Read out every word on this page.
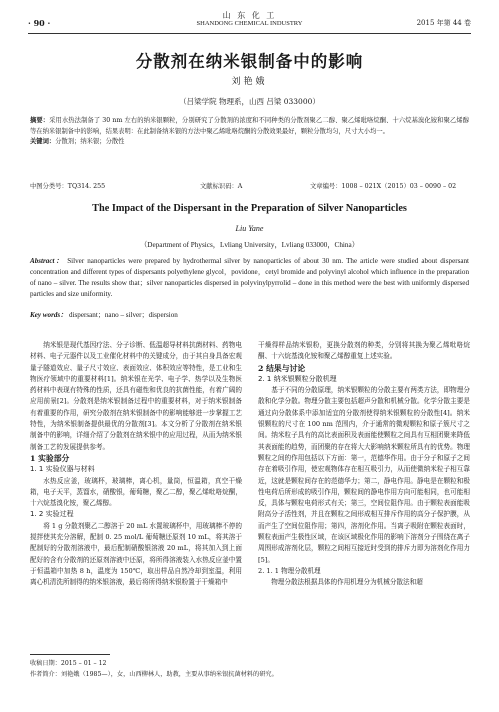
· 90 ·
山 东 化 工
SHANDONG CHEMICAL INDUSTRY	2015 年第 44 卷
分散剂在纳米银制备中的影响
刘艳娥
（吕梁学院 物理系，山西 吕梁 033000）
摘要：采用水热法制备了 30 nm 左右的纳米银颗粒，分别研究了分散剂的浓度和不同种类的分散剂聚乙二醇、聚乙烯吡咯烷酮、十六烷基溴化铵和聚乙烯醇等在纳米银制备中的影响，结果表明：在此制备纳米银的方法中聚乙烯吡咯烷酮的分散效果最好，颗粒分散均匀，尺寸大小均一。
关键词：分散剂；纳米银；分散性
中图分类号：TQ314. 255	文献标识码：A	文章编号：1008 – 021X（2015）03 – 0090 – 02
The Impact of the Dispersant in the Preparation of Silver Nanoparticles
Liu Yane
（Department of Physics，Lvliang University，Lvliang 033000，China）
Abstract： Silver nanoparticles were prepared by hydrothermal silver by nanoparticles of about 30 nm. The article were studied about dispersant concentration and different types of dispersants polyethylene glycol，povidone，cetyl bromide and polyvinyl alcohol which influence in the preparation of nano – silver. The results show that；silver nanoparticles dispersed in polyvinylpyrrolid – done in this method were the best with uniformly dispersed particles and size uniformity.
Key words： dispersant；nano – silver；dispersion

纳米银是现代基因疗法、分子诊断、低温超导材料抗菌材料、药物电材料、电子元器件以及工业催化材料中的关键成分，由于其自身具备宏观量子隧道效应、量子尺寸效应、表面效应、体积效应等特性，是工业和生物医疗领域中的重要材料[1]。纳米银在光学、电子学、热学以及生物医药材料中表现有特殊的性质，还具有磁性和优良的抗菌性能，有着广阔的应用前景[2]。分散剂是纳米银制备过程中的重要材料，对于纳米银制备有着重要的作用，研究分散剂在纳米银制备中的影响能够进一步掌握工艺特性，为纳米银制备提供最优的分散剂[3]。本文分析了分散剂在纳米银制备中的影响，详细介绍了分散剂在纳米银中的应用过程，从而为纳米银制备工艺的发展提供参考。

1 实验部分

1. 1 实验仪器与材料

水热反应釜，玻璃杯，玻璃棒，离心机，量筒，恒温箱，真空干燥箱，电子天平，蒸馏水，硝酸银，葡萄糖，聚乙二醇，聚乙烯吡咯烷酮，十六烷基溴化铵，聚乙烯醇。

1. 2 实验过程

将 1 g 分散剂聚乙二醇溶于 20 mL 水置玻璃杯中，用玻璃棒不停的搅拌使其充分溶解，配制 0. 25 mol/L 葡萄糖还原剂 10 mL，将其溶于配制好的分散剂溶液中，最后配制硝酸银溶液 20 mL，将其加入到上面配好的含有分散剂的还原剂溶液中还原，将所得溶液装入水热反应釜中置于恒温箱中加热 8 h，温度为 150℃，取出样品自然冷却到室温，利用离心机清洗所制得的纳米银溶液，最后将所得纳米银粉置于干燥箱中

干燥得样品纳米银粉，更换分散剂的种类，分别将其换为聚乙烯吡咯烷酮、十六烷基溴化铵和聚乙烯醇重复上述实验。

2 结果与讨论

2. 1 纳米银颗粒分散机理

基于不同的分散原理，纳米银颗粒的分散主要有两类方法，即物理分散和化学分散。物理分散主要包括超声分散和机械分散。化学分散主要是通过向分散体系中添加适宜的分散剂使得纳米银颗粒的分散性[4]。纳米银颗粒的尺寸在 100 nm 范围内，介于通常的微观颗粒和原子簇尺寸之间。纳米粒子具有的高比表面积及表面能使颗粒之间具有互相团聚来降低其表面能的趋势，而团聚的存在将大大影响纳米颗粒所具有的优势。物理颗粒之间的作用包括以下方面：第一，范德华作用。由于分子和原子之间存在着吸引作用，使宏观物体存在相互吸引力，从而使微纳米粒子相互靠近，这就是颗粒间存在的范德华力；第二，静电作用。静电是在颗粒和极性电荷后所形成的吸引作用，颗粒间的静电作用方向可能相同，也可能相反，具体与颗粒电荷形式有关；第三，空间位阻作用。由于颗粒表面能吸附高分子活性剂，并且在颗粒之间形成相互排斥作用的高分子保护膜，从而产生了空间位阻作用；第四，溶剂化作用。当离子吸附在颗粒表面时，颗粒表面产生极性区域，在该区域极化作用的影响下溶剂分子围绕在离子周围形成溶剂化层，颗粒之间相互接近时受到的排斥力即为溶剂化作用力[5]。

2. 1. 1 物理分散机理

物理分散法根据具体的作用机理分为机械分散法和超

收稿日期：2015 – 01 – 12
作者简介：刘艳娥（1985—），女，山西柳林人，助教，主要从事纳米银抗菌材料的研究。
